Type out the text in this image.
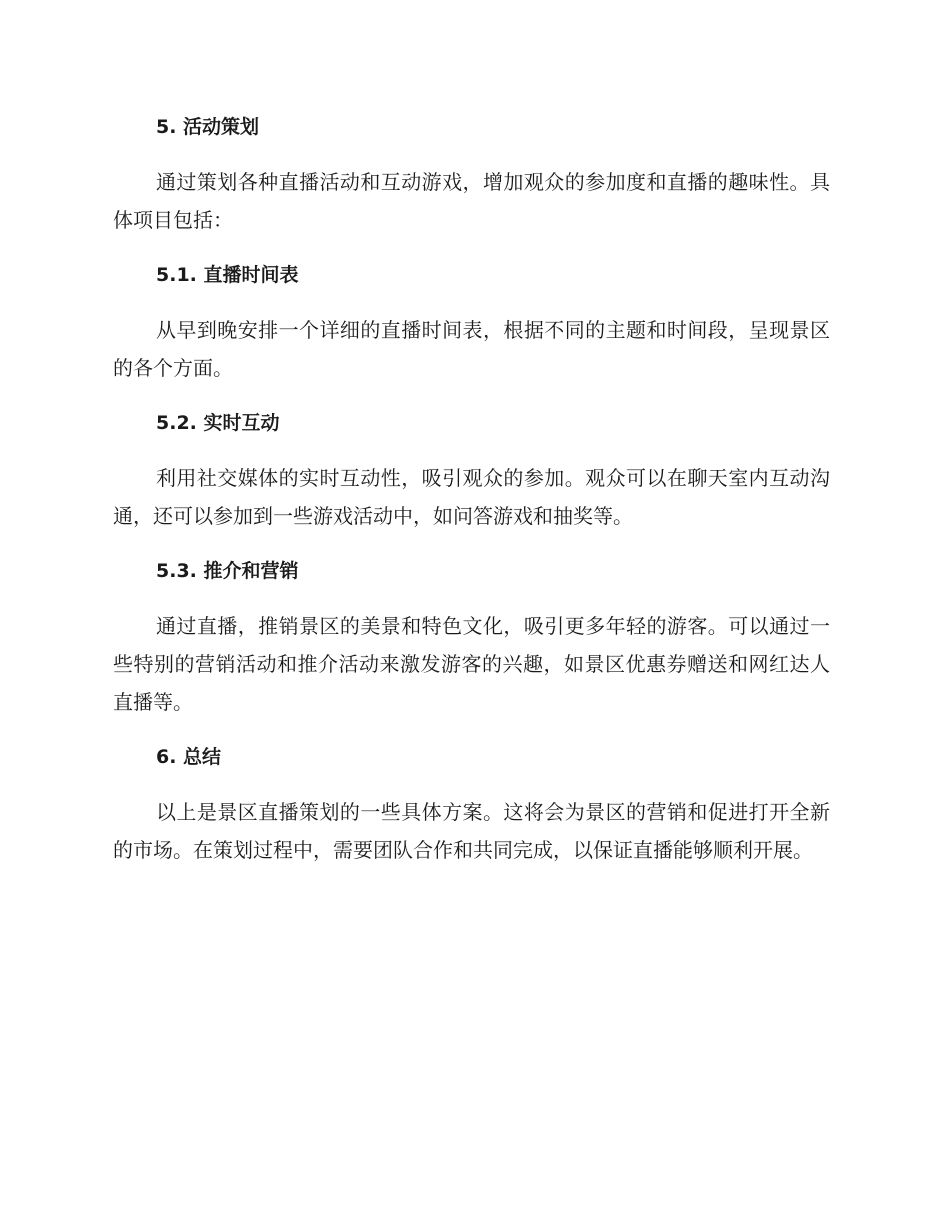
5. 活动策划

通过策划各种直播活动和互动游戏，增加观众的参加度和直播的趣味性。具体项目包括：

5.1. 直播时间表

从早到晚安排一个详细的直播时间表，根据不同的主题和时间段，呈现景区的各个方面。

5.2. 实时互动

利用社交媒体的实时互动性，吸引观众的参加。观众可以在聊天室内互动沟通，还可以参加到一些游戏活动中，如问答游戏和抽奖等。

5.3. 推介和营销

通过直播，推销景区的美景和特色文化，吸引更多年轻的游客。可以通过一些特别的营销活动和推介活动来激发游客的兴趣，如景区优惠券赠送和网红达人直播等。

6. 总结

以上是景区直播策划的一些具体方案。这将会为景区的营销和促进打开全新的市场。在策划过程中，需要团队合作和共同完成，以保证直播能够顺利开展。
